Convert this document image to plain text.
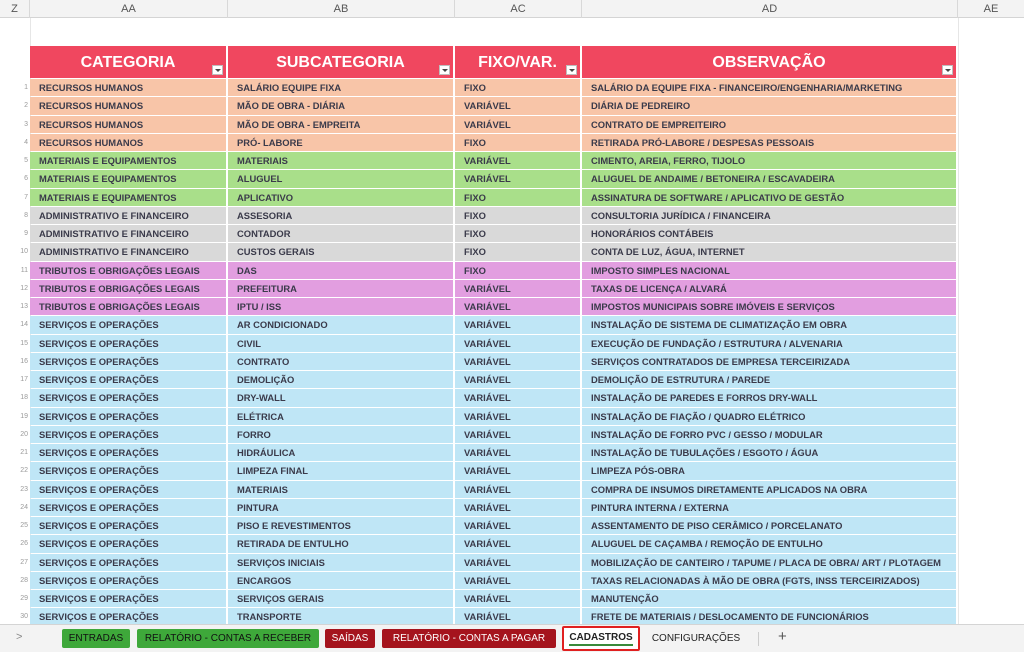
Z	AA	AB	AC	AD	AE
CATEGORIA	SUBCATEGORIA	FIXO/VAR.	OBSERVAÇÃO
1	RECURSOS HUMANOS	SALÁRIO EQUIPE FIXA	FIXO	SALÁRIO DA EQUIPE FIXA - FINANCEIRO/ENGENHARIA/MARKETING
2	RECURSOS HUMANOS	MÃO DE OBRA - DIÁRIA	VARIÁVEL	DIÁRIA DE PEDREIRO
3	RECURSOS HUMANOS	MÃO DE OBRA - EMPREITA	VARIÁVEL	CONTRATO DE EMPREITEIRO
4	RECURSOS HUMANOS	PRÓ- LABORE	FIXO	RETIRADA PRÓ-LABORE / DESPESAS PESSOAIS
5	MATERIAIS E EQUIPAMENTOS	MATERIAIS	VARIÁVEL	CIMENTO, AREIA, FERRO, TIJOLO
6	MATERIAIS E EQUIPAMENTOS	ALUGUEL	VARIÁVEL	ALUGUEL DE ANDAIME / BETONEIRA / ESCAVADEIRA
7	MATERIAIS E EQUIPAMENTOS	APLICATIVO	FIXO	ASSINATURA DE SOFTWARE / APLICATIVO DE GESTÃO
8	ADMINISTRATIVO E FINANCEIRO	ASSESORIA	FIXO	CONSULTORIA JURÍDICA / FINANCEIRA
9	ADMINISTRATIVO E FINANCEIRO	CONTADOR	FIXO	HONORÁRIOS CONTÁBEIS
10	ADMINISTRATIVO E FINANCEIRO	CUSTOS GERAIS	FIXO	CONTA DE LUZ, ÁGUA, INTERNET
11	TRIBUTOS E OBRIGAÇÕES LEGAIS	DAS	FIXO	IMPOSTO SIMPLES NACIONAL
12	TRIBUTOS E OBRIGAÇÕES LEGAIS	PREFEITURA	VARIÁVEL	TAXAS DE LICENÇA / ALVARÁ
13	TRIBUTOS E OBRIGAÇÕES LEGAIS	IPTU / ISS	VARIÁVEL	IMPOSTOS MUNICIPAIS SOBRE IMÓVEIS E SERVIÇOS
14	SERVIÇOS E OPERAÇÕES	AR CONDICIONADO	VARIÁVEL	INSTALAÇÃO DE SISTEMA DE CLIMATIZAÇÃO EM OBRA
15	SERVIÇOS E OPERAÇÕES	CIVIL	VARIÁVEL	EXECUÇÃO DE FUNDAÇÃO / ESTRUTURA / ALVENARIA
16	SERVIÇOS E OPERAÇÕES	CONTRATO	VARIÁVEL	SERVIÇOS CONTRATADOS DE EMPRESA TERCEIRIZADA
17	SERVIÇOS E OPERAÇÕES	DEMOLIÇÃO	VARIÁVEL	DEMOLIÇÃO DE ESTRUTURA / PAREDE
18	SERVIÇOS E OPERAÇÕES	DRY-WALL	VARIÁVEL	INSTALAÇÃO DE PAREDES E FORROS DRY-WALL
19	SERVIÇOS E OPERAÇÕES	ELÉTRICA	VARIÁVEL	INSTALAÇÃO DE FIAÇÃO / QUADRO ELÉTRICO
20	SERVIÇOS E OPERAÇÕES	FORRO	VARIÁVEL	INSTALAÇÃO DE FORRO PVC / GESSO / MODULAR
21	SERVIÇOS E OPERAÇÕES	HIDRÁULICA	VARIÁVEL	INSTALAÇÃO DE TUBULAÇÕES / ESGOTO / ÁGUA
22	SERVIÇOS E OPERAÇÕES	LIMPEZA FINAL	VARIÁVEL	LIMPEZA PÓS-OBRA
23	SERVIÇOS E OPERAÇÕES	MATERIAIS	VARIÁVEL	COMPRA DE INSUMOS DIRETAMENTE APLICADOS NA OBRA
24	SERVIÇOS E OPERAÇÕES	PINTURA	VARIÁVEL	PINTURA INTERNA / EXTERNA
25	SERVIÇOS E OPERAÇÕES	PISO E REVESTIMENTOS	VARIÁVEL	ASSENTAMENTO DE PISO CERÂMICO / PORCELANATO
26	SERVIÇOS E OPERAÇÕES	RETIRADA DE ENTULHO	VARIÁVEL	ALUGUEL DE CAÇAMBA / REMOÇÃO DE ENTULHO
27	SERVIÇOS E OPERAÇÕES	SERVIÇOS INICIAIS	VARIÁVEL	MOBILIZAÇÃO DE CANTEIRO / TAPUME / PLACA DE OBRA/ ART / PLOTAGEM
28	SERVIÇOS E OPERAÇÕES	ENCARGOS	VARIÁVEL	TAXAS RELACIONADAS À MÃO DE OBRA (FGTS, INSS TERCEIRIZADOS)
29	SERVIÇOS E OPERAÇÕES	SERVIÇOS GERAIS	VARIÁVEL	MANUTENÇÃO
30	SERVIÇOS E OPERAÇÕES	TRANSPORTE	VARIÁVEL	FRETE DE MATERIAIS / DESLOCAMENTO DE FUNCIONÁRIOS
>	ENTRADAS	RELATÓRIO - CONTAS A RECEBER	SAÍDAS	RELATÓRIO - CONTAS A PAGAR	CADASTROS	CONFIGURAÇÕES	+
